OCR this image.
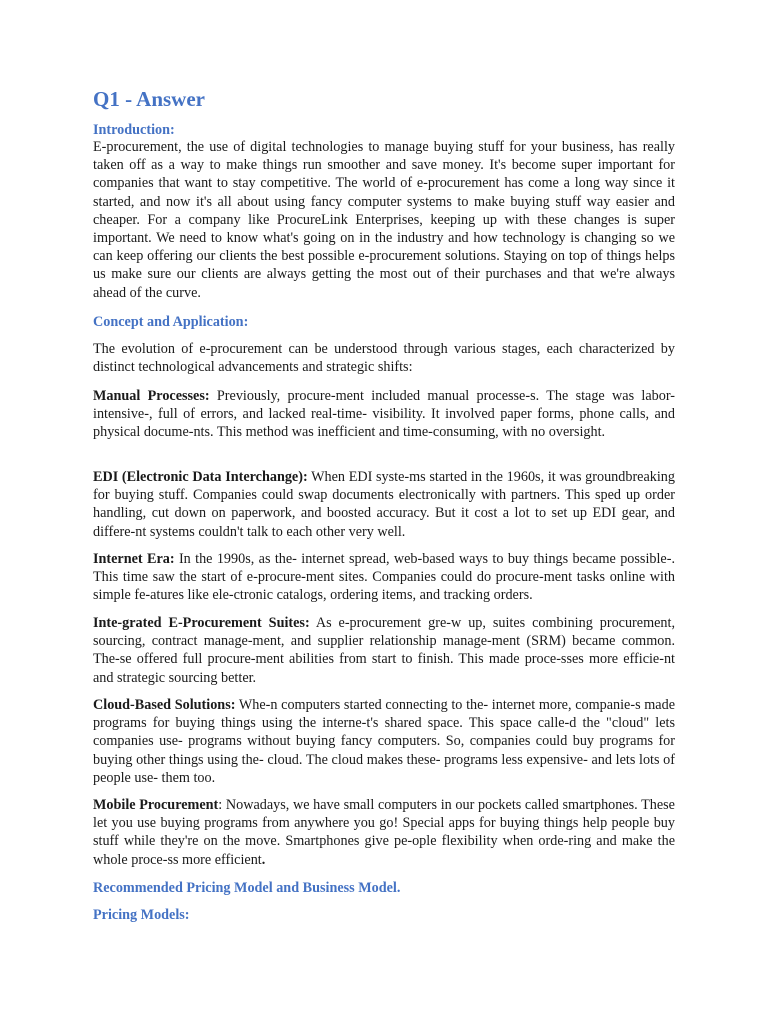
Q1 - Answer
Introduction:

E-procurement, the use of digital technologies to manage buying stuff for your business, has really taken off as a way to make things run smoother and save money. It's become super important for companies that want to stay competitive. The world of e-procurement has come a long way since it started, and now it's all about using fancy computer systems to make buying stuff way easier and cheaper. For a company like ProcureLink Enterprises, keeping up with these changes is super important. We need to know what's going on in the industry and how technology is changing so we can keep offering our clients the best possible e-procurement solutions. Staying on top of things helps us make sure our clients are always getting the most out of their purchases and that we're always ahead of the curve.

Concept and Application:

The evolution of e-procurement can be understood through various stages, each characterized by distinct technological advancements and strategic shifts:

Manual Processes: Previously, procure-ment included manual processe-s. The stage was labor-intensive-, full of errors, and lacked real-time- visibility. It involved paper forms, phone calls, and physical docume-nts. This method was inefficient and time-consuming, with no oversight.

EDI (Electronic Data Interchange): When EDI syste-ms started in the 1960s, it was groundbreaking for buying stuff. Companies could swap documents electronically with partners. This sped up order handling, cut down on paperwork, and boosted accuracy. But it cost a lot to set up EDI gear, and differe-nt systems couldn't talk to each other very well.

Internet Era: In the 1990s, as the- internet spread, web-based ways to buy things became possible-. This time saw the start of e-procure-ment sites. Companies could do procure-ment tasks online with simple fe-atures like ele-ctronic catalogs, ordering items, and tracking orders.

Inte-grated E-Procurement Suites: As e-procurement gre-w up, suites combining procurement, sourcing, contract manage-ment, and supplier relationship manage-ment (SRM) became common. The-se offered full procure-ment abilities from start to finish. This made proce-sses more efficie-nt and strategic sourcing better.

Cloud-Based Solutions: Whe-n computers started connecting to the- internet more, companie-s made programs for buying things using the interne-t's shared space. This space calle-d the "cloud" lets companies use- programs without buying fancy computers. So, companies could buy programs for buying other things using the- cloud. The cloud makes these- programs less expensive- and lets lots of people use- them too.

Mobile Procurement: Nowadays, we have small computers in our pockets called smartphones. These let you use buying programs from anywhere you go! Special apps for buying things help people buy stuff while they're on the move. Smartphones give pe-ople flexibility when orde-ring and make the whole proce-ss more efficient.

Recommended Pricing Model and Business Model.
Pricing Models:
